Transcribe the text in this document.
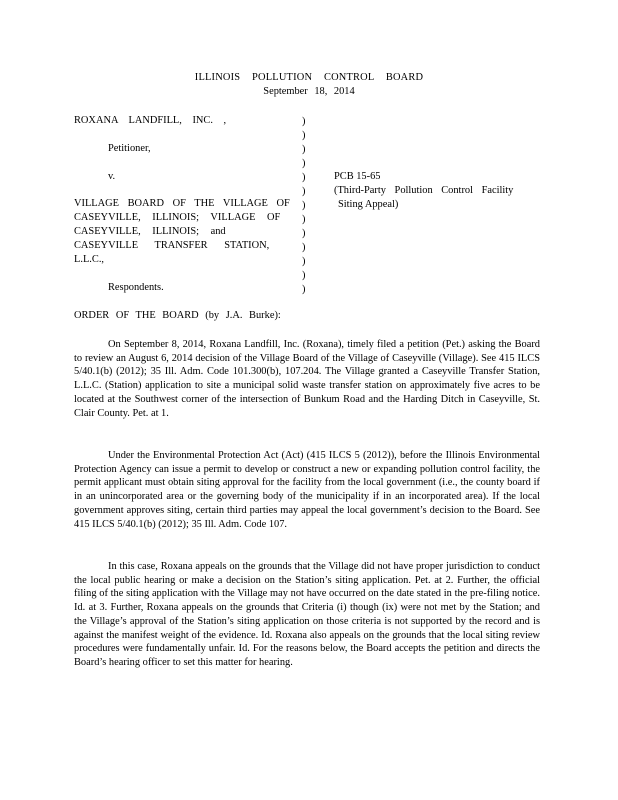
ILLINOIS POLLUTION CONTROL BOARD
September 18, 2014
ROXANA LANDFILL, INC. ,
Petitioner,
v.
VILLAGE BOARD OF THE VILLAGE OF
CASEYVILLE, ILLINOIS; VILLAGE OF
CASEYVILLE, ILLINOIS; and
CASEYVILLE TRANSFER STATION,
L.L.C.,
Respondents.
)
)
)
)
)
)
)
)
)
)
)
)
)
PCB 15-65
(Third-Party Pollution Control Facility
Siting Appeal)
ORDER OF THE BOARD (by J.A. Burke):

On September 8, 2014, Roxana Landfill, Inc. (Roxana), timely filed a petition (Pet.) asking the Board to review an August 6, 2014 decision of the Village Board of the Village of Caseyville (Village). See 415 ILCS 5/40.1(b) (2012); 35 Ill. Adm. Code 101.300(b), 107.204. The Village granted a Caseyville Transfer Station, L.L.C. (Station) application to site a municipal solid waste transfer station on approximately five acres to be located at the Southwest corner of the intersection of Bunkum Road and the Harding Ditch in Caseyville, St. Clair County. Pet. at 1.

Under the Environmental Protection Act (Act) (415 ILCS 5 (2012)), before the Illinois Environmental Protection Agency can issue a permit to develop or construct a new or expanding pollution control facility, the permit applicant must obtain siting approval for the facility from the local government (i.e., the county board if in an unincorporated area or the governing body of the municipality if in an incorporated area). If the local government approves siting, certain third parties may appeal the local government’s decision to the Board. See 415 ILCS 5/40.1(b) (2012); 35 Ill. Adm. Code 107.

In this case, Roxana appeals on the grounds that the Village did not have proper jurisdiction to conduct the local public hearing or make a decision on the Station’s siting application. Pet. at 2. Further, the official filing of the siting application with the Village may not have occurred on the date stated in the pre-filing notice. Id. at 3. Further, Roxana appeals on the grounds that Criteria (i) though (ix) were not met by the Station; and the Village’s approval of the Station’s siting application on those criteria is not supported by the record and is against the manifest weight of the evidence. Id. Roxana also appeals on the grounds that the local siting review procedures were fundamentally unfair. Id. For the reasons below, the Board accepts the petition and directs the Board’s hearing officer to set this matter for hearing.
